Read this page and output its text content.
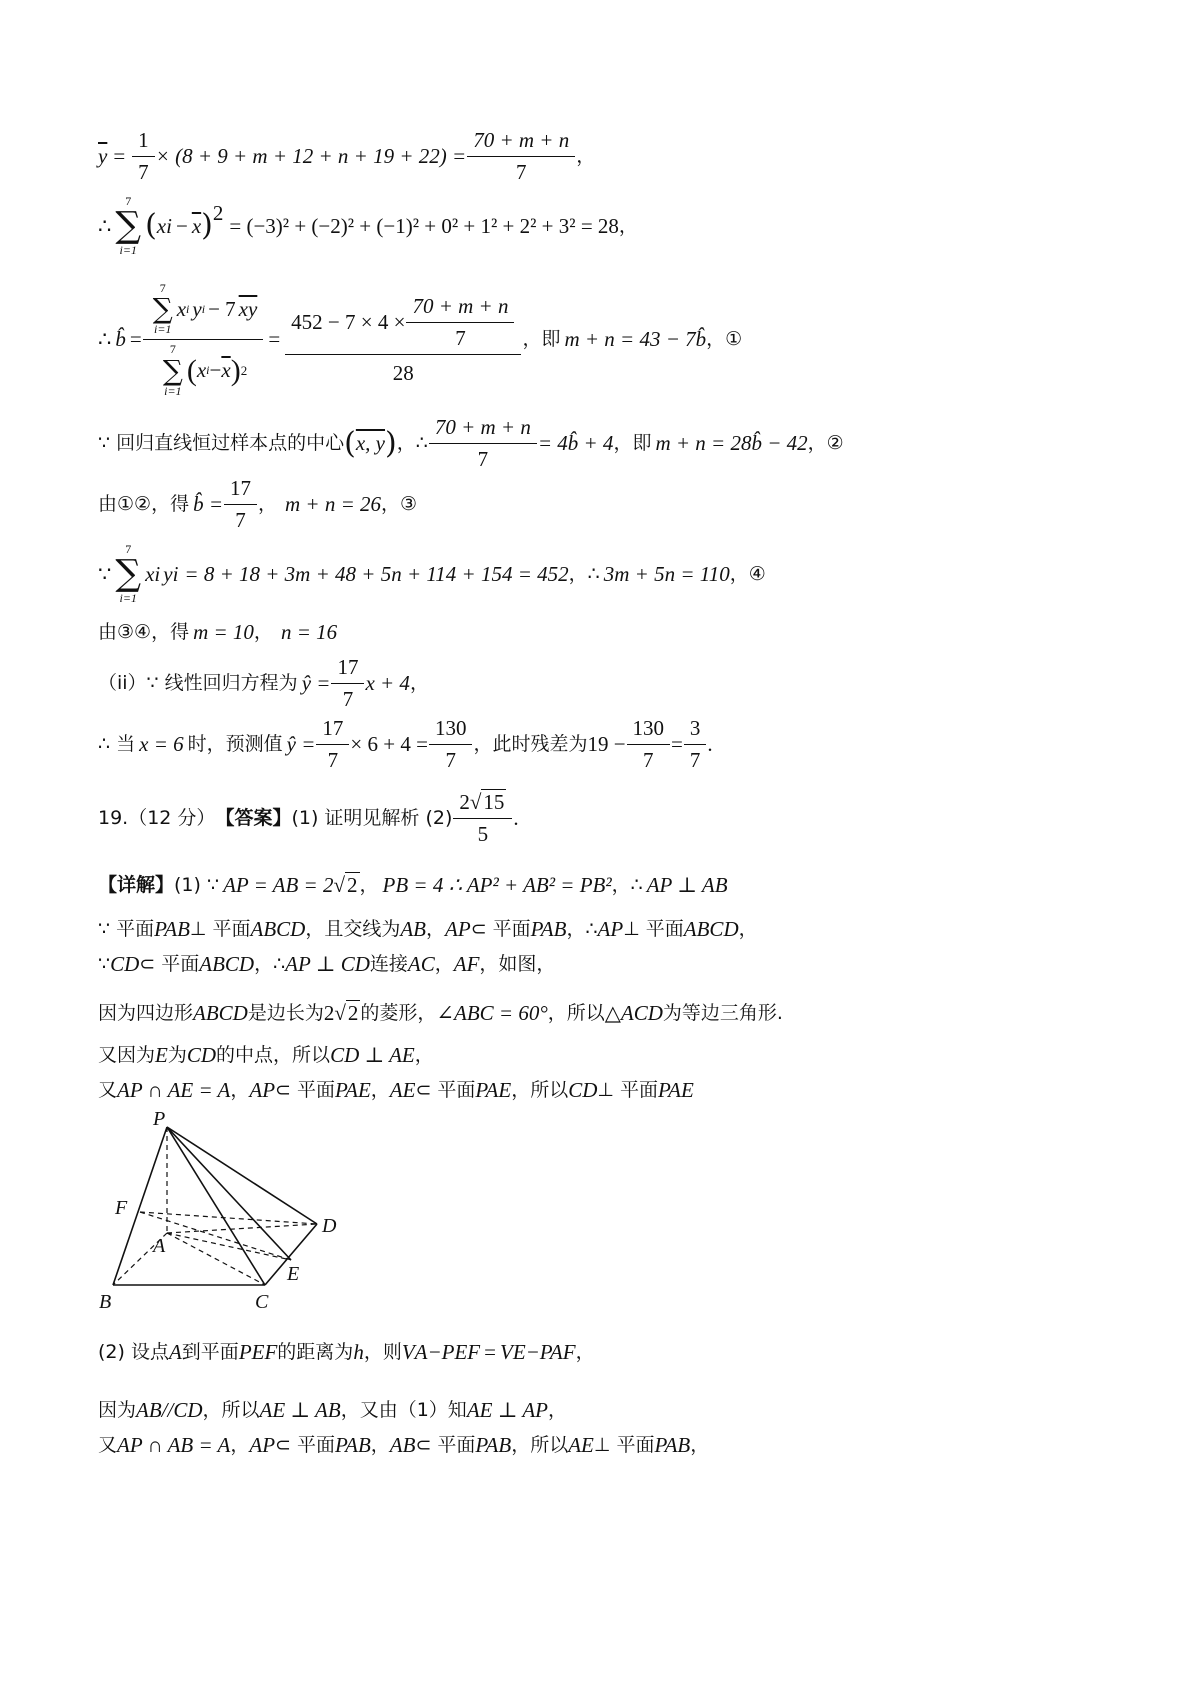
$\overline{y} = \frac{1}{7} \times (8 + 9 + m + 12 + n + 19 + 22) = \frac{70 + m + n}{7}$ ，
∴
7
∑
i=1
( x $i - \overline{x}$ ) 2
= (−3)² + (−2)² + (−1)² + 0² + 1² + 2² + 3² = 28 ，
∴ b̂ = 7
∑
i=1
x i y i − 7 $\overline{xy}$
7
∑
i=1
( x $i - \overline{x}$ ) $2 = \frac{452 - 7 \times 4 \times \frac{70 + m + n}{7}}{28}$ ，即 m + n = 43 − 7b̂ ，①
∵ 回归直线恒过样本点的中心 ( x, y ) ，∴ $\frac{70 + m + n}{7}$ = 4b̂ + 4 ，即 m + n = 28b̂ − 42 ，②
由①②，得 b̂ = $\frac{17}{7}$ ， m + n = 26 ，③
∵
7
∑
i=1
x i y i = 8 + 18 + 3m + 48 + 5n + 114 + 154 = 452 ，∴ 3m + 5n = 110 ，④
由③④，得 m = 10 ， n = 16
（ii）∵ 线性回归方程为 ŷ = $\frac{17}{7}$ x + 4 ，
∴ 当 x = 6 时，预测值 ŷ = $\frac{17}{7} \times 6 + 4 = \frac{130}{7}$ ，此时残差为 $19 - \frac{130}{7} = \frac{3}{7}$ .
19.（12 分） 【答案】 (1) 证明见解析 $(2) \frac{2√15}{5}$ .
【详解】 (1) ∵ AP = AB = 2 √ 2 ， PB = 4 ∴ AP² + AB² = PB² ，∴ AP ⊥ AB
∵ 平面 PAB ⊥ 平面 ABCD ，且交线为 AB ， AP ⊂ 平面 PAB ，∴ AP ⊥ 平面 ABCD ，
∵ CD ⊂ 平面 ABCD ，∴ AP ⊥ CD 连接 AC ， AF ，如图，
因为四边形 ABCD 是边长为 2 √ 2 的菱形， ∠ABC = 60° ，所以 △ACD 为等边三角形.
又因为 E 为 CD 的中点，所以 CD ⊥ AE ，
又 AP ∩ AE = A ， AP ⊂ 平面 PAE ， AE ⊂ 平面 PAE ，所以 CD ⊥ 平面 PAE
P
F
A
D
E
B	C
(2) 设点 A 到平面 PEF 的距离为 h ，则 V A−PEF = V E−PAF ，
因为 AB//CD ，所以 AE ⊥ AB ，又由（1）知 AE ⊥ AP ，
又 AP ∩ AB = A ， AP ⊂ 平面 PAB ， AB ⊂ 平面 PAB ，所以 AE ⊥ 平面 PAB ，
